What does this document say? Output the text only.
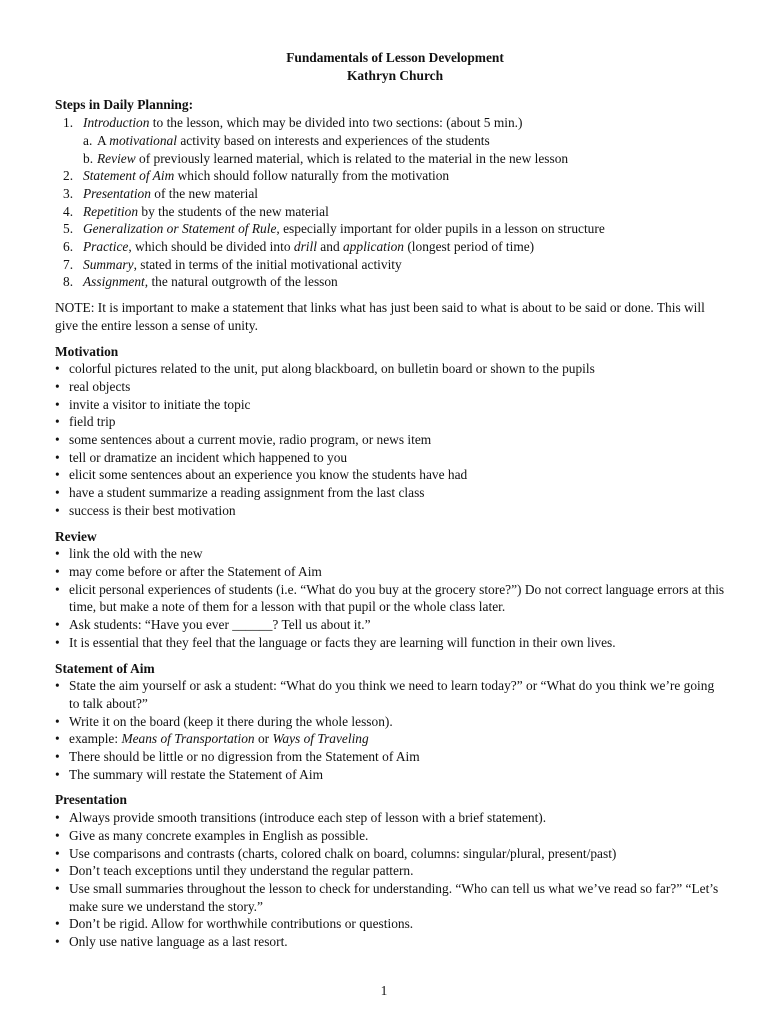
Fundamentals of Lesson Development

Kathryn Church

Steps in Daily Planning:

1. Introduction to the lesson, which may be divided into two sections: (about 5 min.)
a. A motivational activity based on interests and experiences of the students
b. Review of previously learned material, which is related to the material in the new lesson
2. Statement of Aim which should follow naturally from the motivation
3. Presentation of the new material
4. Repetition by the students of the new material
5. Generalization or Statement of Rule, especially important for older pupils in a lesson on structure
6. Practice, which should be divided into drill and application (longest period of time)
7. Summary, stated in terms of the initial motivational activity
8. Assignment, the natural outgrowth of the lesson

NOTE: It is important to make a statement that links what has just been said to what is about to be said or done. This will give the entire lesson a sense of unity.

Motivation

• colorful pictures related to the unit, put along blackboard, on bulletin board or shown to the pupils
• real objects
• invite a visitor to initiate the topic
• field trip
• some sentences about a current movie, radio program, or news item
• tell or dramatize an incident which happened to you
• elicit some sentences about an experience you know the students have had
• have a student summarize a reading assignment from the last class
• success is their best motivation

Review

• link the old with the new
• may come before or after the Statement of Aim
• elicit personal experiences of students (i.e. “What do you buy at the grocery store?”) Do not correct language errors at this time, but make a note of them for a lesson with that pupil or the whole class later.
• Ask students: “Have you ever ______? Tell us about it.”
• It is essential that they feel that the language or facts they are learning will function in their own lives.

Statement of Aim

• State the aim yourself or ask a student: “What do you think we need to learn today?” or “What do you think we’re going to talk about?”
• Write it on the board (keep it there during the whole lesson).
• example: Means of Transportation or Ways of Traveling
• There should be little or no digression from the Statement of Aim
• The summary will restate the Statement of Aim

Presentation

• Always provide smooth transitions (introduce each step of lesson with a brief statement).
• Give as many concrete examples in English as possible.
• Use comparisons and contrasts (charts, colored chalk on board, columns: singular/plural, present/past)
• Don’t teach exceptions until they understand the regular pattern.
• Use small summaries throughout the lesson to check for understanding. “Who can tell us what we’ve read so far?” “Let’s make sure we understand the story.”
• Don’t be rigid. Allow for worthwhile contributions or questions.
• Only use native language as a last resort.
1
